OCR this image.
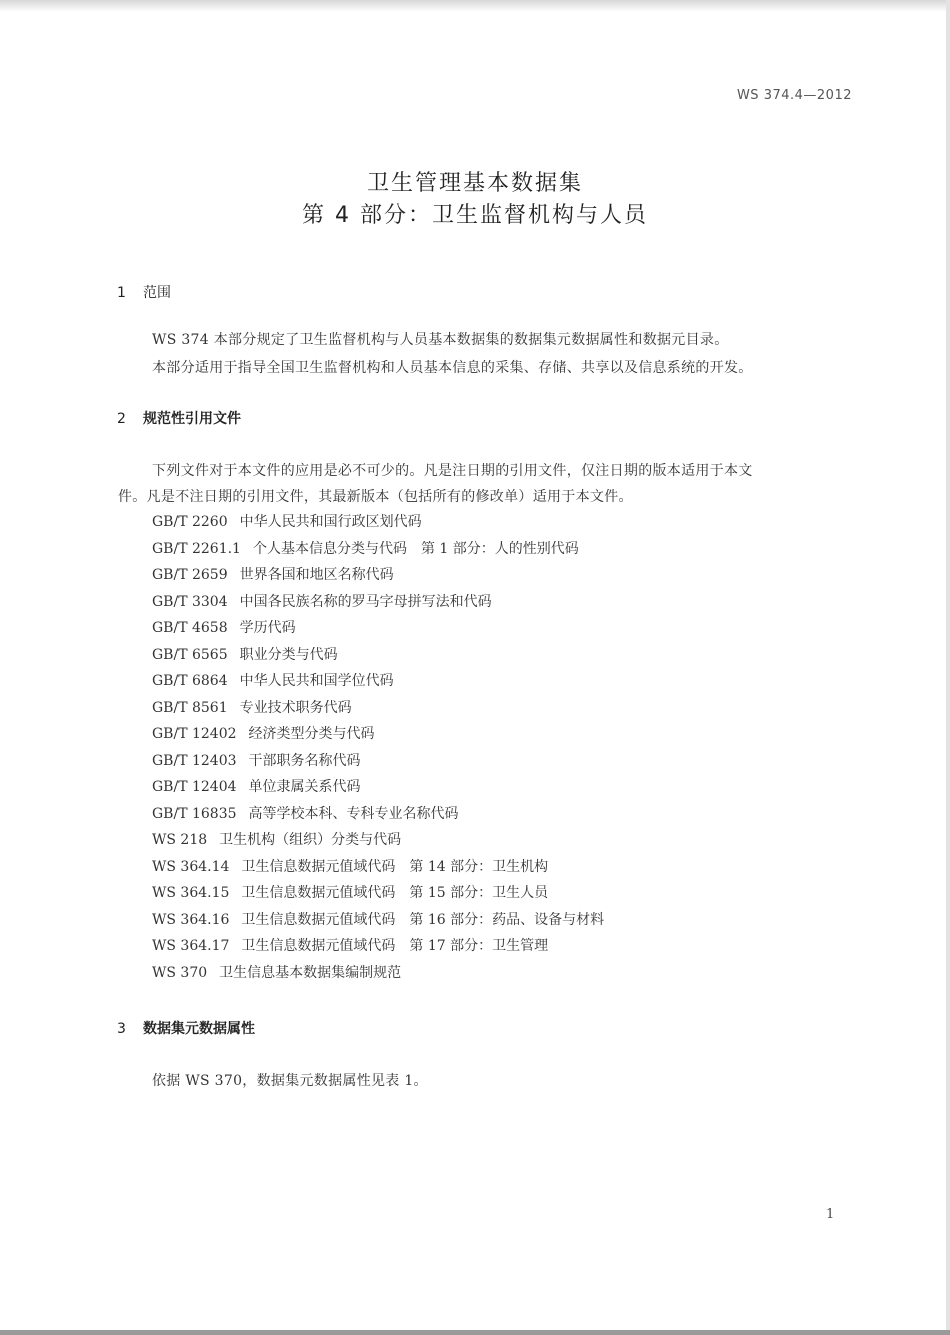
WS 374.4—2012
卫生管理基本数据集
第 4 部分：卫生监督机构与人员
1 范围
WS 374 本部分规定了卫生监督机构与人员基本数据集的数据集元数据属性和数据元目录。
本部分适用于指导全国卫生监督机构和人员基本信息的采集、存储、共享以及信息系统的开发。
2 规范性引用文件
下列文件对于本文件的应用是必不可少的。凡是注日期的引用文件，仅注日期的版本适用于本文
件。凡是不注日期的引用文件，其最新版本（包括所有的修改单）适用于本文件。
GB/T 2260 中华人民共和国行政区划代码
GB/T 2261.1 个人基本信息分类与代码　第 1 部分：人的性别代码
GB/T 2659 世界各国和地区名称代码
GB/T 3304 中国各民族名称的罗马字母拼写法和代码
GB/T 4658 学历代码
GB/T 6565 职业分类与代码
GB/T 6864 中华人民共和国学位代码
GB/T 8561 专业技术职务代码
GB/T 12402 经济类型分类与代码
GB/T 12403 干部职务名称代码
GB/T 12404 单位隶属关系代码
GB/T 16835 高等学校本科、专科专业名称代码
WS 218 卫生机构（组织）分类与代码
WS 364.14 卫生信息数据元值域代码　第 14 部分：卫生机构
WS 364.15 卫生信息数据元值域代码　第 15 部分：卫生人员
WS 364.16 卫生信息数据元值域代码　第 16 部分：药品、设备与材料
WS 364.17 卫生信息数据元值域代码　第 17 部分：卫生管理
WS 370 卫生信息基本数据集编制规范
3 数据集元数据属性
依据 WS 370，数据集元数据属性见表 1。
1
